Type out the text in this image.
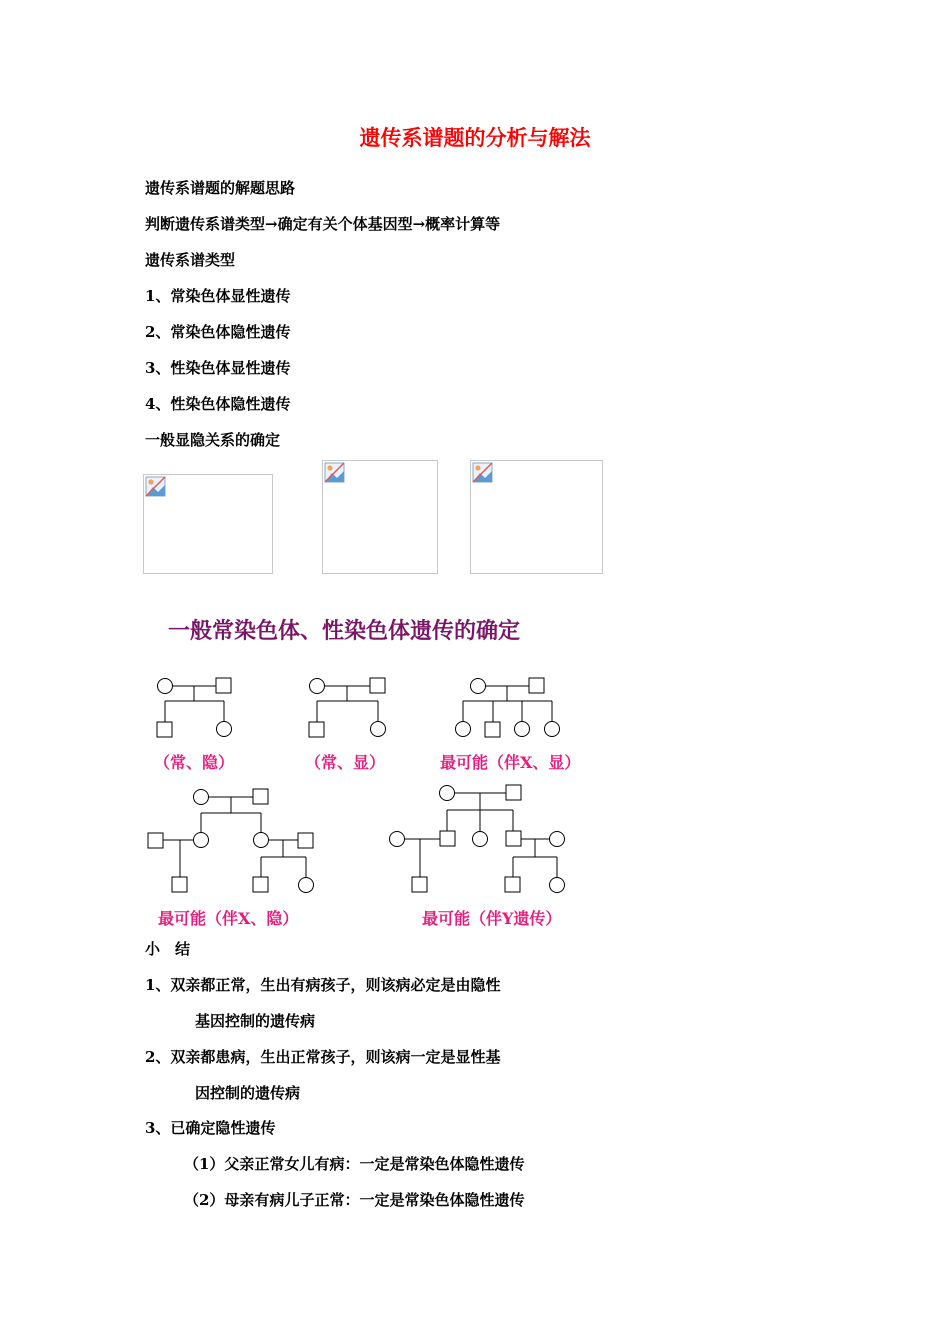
遗传系谱题的分析与解法
遗传系谱题的解题思路
判断遗传系谱类型→确定有关个体基因型→概率计算等
遗传系谱类型
1、常染色体显性遗传
2、常染色体隐性遗传
3、性染色体显性遗传
4、性染色体隐性遗传
一般显隐关系的确定
一般常染色体、性染色体遗传的确定
（常、隐）	（常、显）	最可能（伴X、显）
最可能（伴X、隐）	最可能（伴Y遗传）
小　结
1、双亲都正常，生出有病孩子，则该病必定是由隐性
基因控制的遗传病
2、双亲都患病，生出正常孩子，则该病一定是显性基
因控制的遗传病
3、已确定隐性遗传
（1）父亲正常女儿有病：一定是常染色体隐性遗传
（2）母亲有病儿子正常：一定是常染色体隐性遗传
